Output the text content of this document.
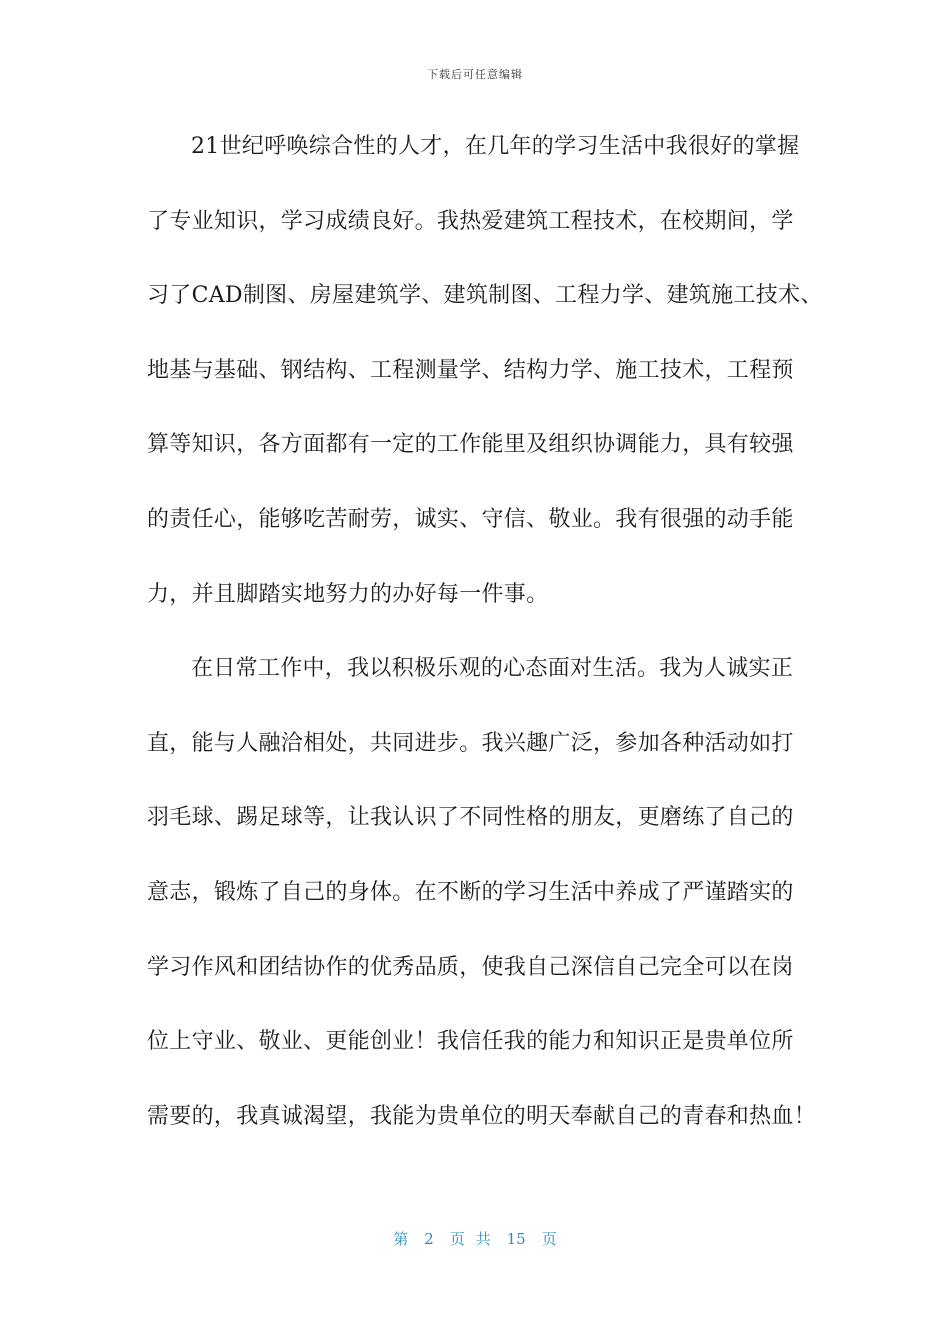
下载后可任意编辑
21世纪呼唤综合性的人才，在几年的学习生活中我很好的掌握
了专业知识，学习成绩良好。我热爱建筑工程技术，在校期间，学
习了CAD制图、房屋建筑学、建筑制图、工程力学、建筑施工技术、
地基与基础、钢结构、工程测量学、结构力学、施工技术，工程预
算等知识，各方面都有一定的工作能里及组织协调能力，具有较强
的责任心，能够吃苦耐劳，诚实、守信、敬业。我有很强的动手能
力，并且脚踏实地努力的办好每一件事。
在日常工作中，我以积极乐观的心态面对生活。我为人诚实正
直，能与人融洽相处，共同进步。我兴趣广泛，参加各种活动如打
羽毛球、踢足球等，让我认识了不同性格的朋友，更磨练了自己的
意志，锻炼了自己的身体。在不断的学习生活中养成了严谨踏实的
学习作风和团结协作的优秀品质，使我自己深信自己完全可以在岗
位上守业、敬业、更能创业！我信任我的能力和知识正是贵单位所
需要的，我真诚渴望，我能为贵单位的明天奉献自己的青春和热血！
第 2 页 共 15 页
